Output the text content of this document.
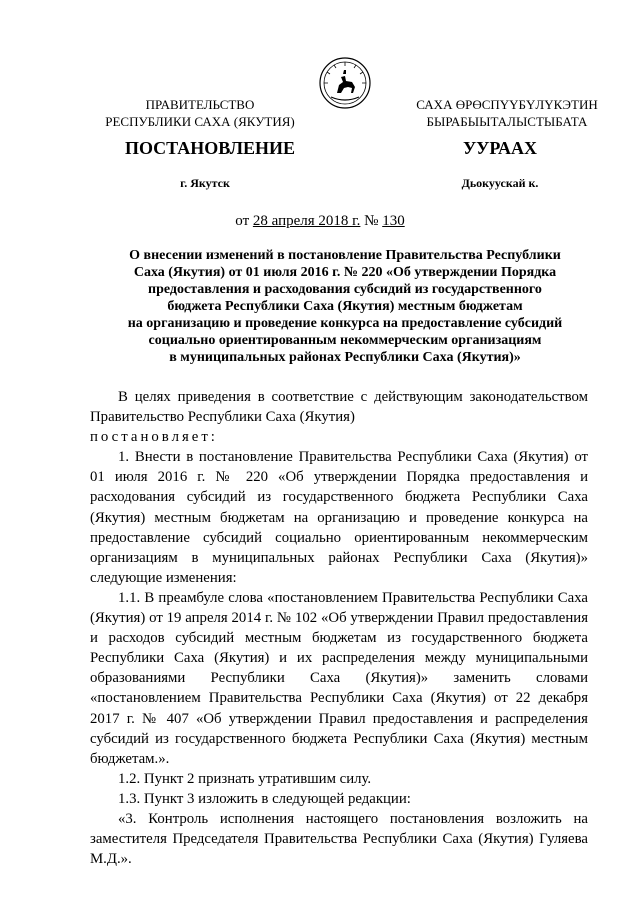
ПРАВИТЕЛЬСТВО
РЕСПУБЛИКИ САХА (ЯКУТИЯ)
САХА ӨРӨСПҮҮБҮЛҮКЭТИН
БЫРАБЫЫТАЛЫСТЫБАТА
ПОСТАНОВЛЕНИЕ	УУРААХ
г. Якутск	Дьокуускай к.
от 28 апреля 2018 г. № 130
О внесении изменений в постановление Правительства Республики
Саха (Якутия) от 01 июля 2016 г. № 220 «Об утверждении Порядка
предоставления и расходования субсидий из государственного
бюджета Республики Саха (Якутия) местным бюджетам
на организацию и проведение конкурса на предоставление субсидий
социально ориентированным некоммерческим организациям
в муниципальных районах Республики Саха (Якутия)»

В целях приведения в соответствие с действующим законодательством Правительство Республики Саха (Якутия)

постановляет:

1. Внести в постановление Правительства Республики Саха (Якутия) от 01 июля 2016 г. № 220 «Об утверждении Порядка предоставления и расходования субсидий из государственного бюджета Республики Саха (Якутия) местным бюджетам на организацию и проведение конкурса на предоставление субсидий социально ориентированным некоммерческим организациям в муниципальных районах Республики Саха (Якутия)» следующие изменения:

1.1. В преамбуле слова «постановлением Правительства Республики Саха (Якутия) от 19 апреля 2014 г. № 102 «Об утверждении Правил предоставления и расходов субсидий местным бюджетам из государственного бюджета Республики Саха (Якутия) и их распределения между муниципальными образованиями Республики Саха (Якутия)» заменить словами «постановлением Правительства Республики Саха (Якутия) от 22 декабря 2017 г. № 407 «Об утверждении Правил предоставления и распределения субсидий из государственного бюджета Республики Саха (Якутия) местным бюджетам.».

1.2. Пункт 2 признать утратившим силу.

1.3. Пункт 3 изложить в следующей редакции:

«3. Контроль исполнения настоящего постановления возложить на заместителя Председателя Правительства Республики Саха (Якутия) Гуляева М.Д.».
